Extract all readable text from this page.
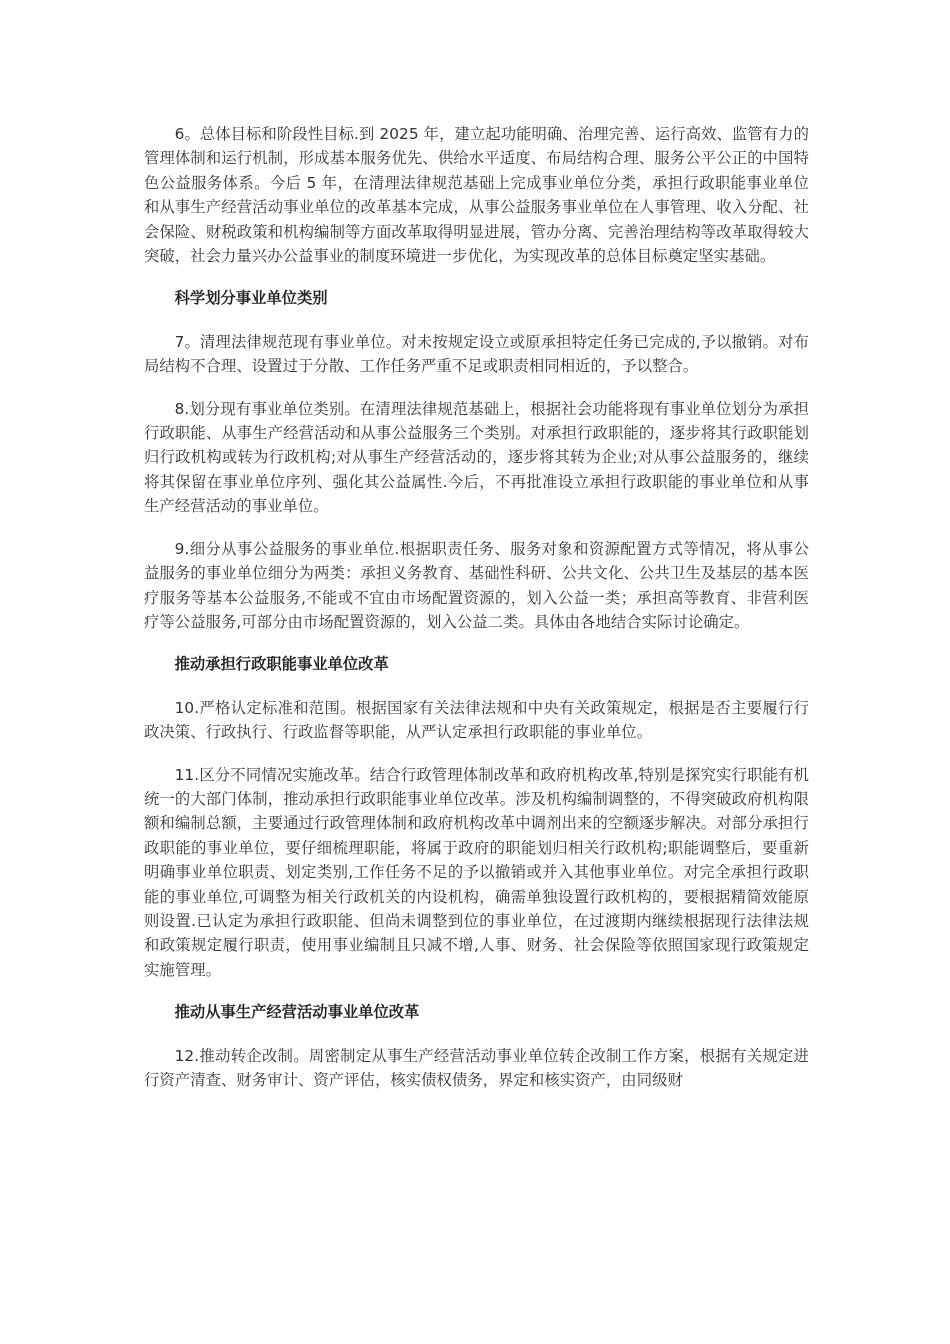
6。总体目标和阶段性目标.到 2025 年，建立起功能明确、治理完善、运行高效、监管有力的管理体制和运行机制，形成基本服务优先、供给水平适度、布局结构合理、服务公平公正的中国特色公益服务体系。今后 5 年，在清理法律规范基础上完成事业单位分类，承担行政职能事业单位和从事生产经营活动事业单位的改革基本完成，从事公益服务事业单位在人事管理、收入分配、社会保险、财税政策和机构编制等方面改革取得明显进展，管办分离、完善治理结构等改革取得较大突破，社会力量兴办公益事业的制度环境进一步优化，为实现改革的总体目标奠定坚实基础。

科学划分事业单位类别

7。清理法律规范现有事业单位。对未按规定设立或原承担特定任务已完成的,予以撤销。对布局结构不合理、设置过于分散、工作任务严重不足或职责相同相近的，予以整合。

8.划分现有事业单位类别。在清理法律规范基础上，根据社会功能将现有事业单位划分为承担行政职能、从事生产经营活动和从事公益服务三个类别。对承担行政职能的，逐步将其行政职能划归行政机构或转为行政机构;对从事生产经营活动的，逐步将其转为企业;对从事公益服务的，继续将其保留在事业单位序列、强化其公益属性.今后，不再批准设立承担行政职能的事业单位和从事生产经营活动的事业单位。

9.细分从事公益服务的事业单位.根据职责任务、服务对象和资源配置方式等情况，将从事公益服务的事业单位细分为两类：承担义务教育、基础性科研、公共文化、公共卫生及基层的基本医疗服务等基本公益服务,不能或不宜由市场配置资源的，划入公益一类；承担高等教育、非营利医疗等公益服务,可部分由市场配置资源的，划入公益二类。具体由各地结合实际讨论确定。

推动承担行政职能事业单位改革

10.严格认定标准和范围。根据国家有关法律法规和中央有关政策规定，根据是否主要履行行政决策、行政执行、行政监督等职能，从严认定承担行政职能的事业单位。

11.区分不同情况实施改革。结合行政管理体制改革和政府机构改革,特别是探究实行职能有机统一的大部门体制，推动承担行政职能事业单位改革。涉及机构编制调整的，不得突破政府机构限额和编制总额，主要通过行政管理体制和政府机构改革中调剂出来的空额逐步解决。对部分承担行政职能的事业单位，要仔细梳理职能，将属于政府的职能划归相关行政机构;职能调整后，要重新明确事业单位职责、划定类别,工作任务不足的予以撤销或并入其他事业单位。对完全承担行政职能的事业单位,可调整为相关行政机关的内设机构，确需单独设置行政机构的，要根据精简效能原则设置.已认定为承担行政职能、但尚未调整到位的事业单位，在过渡期内继续根据现行法律法规和政策规定履行职责，使用事业编制且只减不增,人事、财务、社会保险等依照国家现行政策规定实施管理。

推动从事生产经营活动事业单位改革

12.推动转企改制。周密制定从事生产经营活动事业单位转企改制工作方案，根据有关规定进行资产清查、财务审计、资产评估，核实债权债务，界定和核实资产，由同级财
